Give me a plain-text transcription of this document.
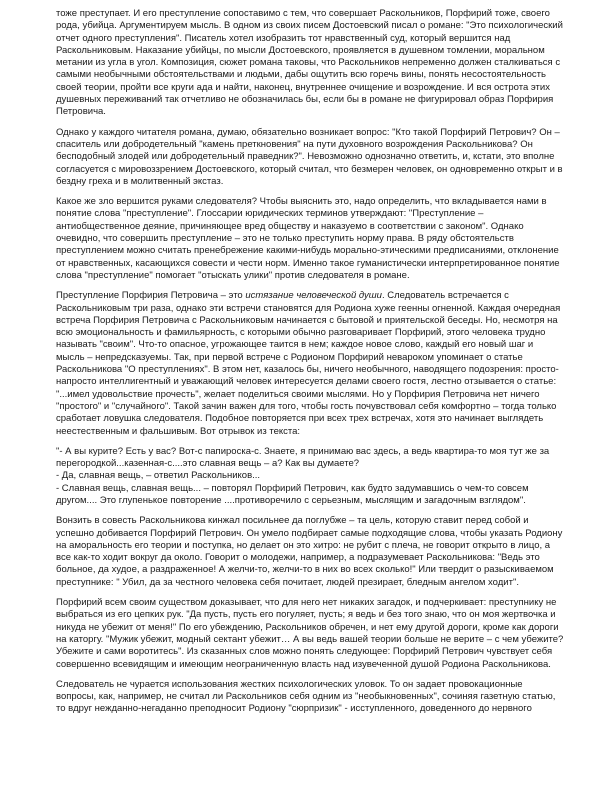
тоже преступает. И его преступление сопоставимо с тем, что совершает Раскольников, Порфирий тоже, своего рода, убийца. Аргументируем мысль. В одном из своих писем Достоевский писал о романе: "Это психологический отчет одного преступления". Писатель хотел изобразить тот нравственный суд, который вершится над Раскольниковым. Наказание убийцы, по мысли Достоевского, проявляется в душевном томлении, моральном метании из угла в угол. Композиция, сюжет романа таковы, что Раскольников непременно должен сталкиваться с самыми необычными обстоятельствами и людьми, дабы ощутить всю горечь вины, понять несостоятельность своей теории, пройти все круги ада и найти, наконец, внутреннее очищение и возрождение. И вся острота этих душевных переживаний так отчетливо не обозначилась бы, если бы в романе не фигурировал образ Порфирия Петровича.

Однако у каждого читателя романа, думаю, обязательно возникает вопрос: "Кто такой Порфирий Петрович? Он – спаситель или добродетельный "камень преткновения" на пути духовного возрождения Раскольникова? Он бесподобный злодей или добродетельный праведник?". Невозможно однозначно ответить, и, кстати, это вполне согласуется с мировоззрением Достоевского, который считал, что безмерен человек, он одновременно открыт и в бездну греха и в молитвенный экстаз.

Какое же зло вершится руками следователя? Чтобы выяснить это, надо определить, что вкладывается нами в понятие слова "преступление". Глоссарии юридических терминов утверждают: "Преступление – антиобщественное деяние, причиняющее вред обществу и наказуемо в соответствии с законом". Однако очевидно, что совершить преступление – это не только преступить норму права. В ряду обстоятельств преступлением можно считать пренебрежение какими-нибудь морально-этическими предписаниями, отклонение от нравственных, касающихся совести и чести норм. Именно такое гуманистически интерпретированное понятие слова "преступление" помогает "отыскать улики" против следователя в романе.

Преступление Порфирия Петровича – это истязание человеческой души. Следователь встречается с Раскольниковым три раза, однако эти встречи становятся для Родиона хуже геенны огненной. Каждая очередная встреча Порфирия Петровича с Раскольниковым начинается с бытовой и приятельской беседы. Но, несмотря на всю эмоциональность и фамильярность, с которыми обычно разговаривает Порфирий, этого человека трудно называть "своим". Что-то опасное, угрожающее таится в нем; каждое новое слово, каждый его новый шаг и мысль – непредсказуемы. Так, при первой встрече с Родионом Порфирий невароком упоминает о статье Раскольникова "О преступлениях". В этом нет, казалось бы, ничего необычного, наводящего подозрения: просто-напросто интеллигентный и уважающий человек интересуется делами своего гостя, лестно отзывается о статье: "...имел удовольствие прочесть", желает поделиться своими мыслями. Но у Порфирия Петровича нет ничего "простого" и "случайного". Такой зачин важен для того, чтобы гость почувствовал себя комфортно – тогда только сработает ловушка следователя. Подобное повторяется при всех трех встречах, хотя это начинает выглядеть неестественным и фальшивым. Вот отрывок из текста:

"- А вы курите? Есть у вас? Вот-с папироска-с. Знаете, я принимаю вас здесь, а ведь квартира-то моя тут же за перегородкой...казенная-с....это славная вещь – а? Как вы думаете?
- Да, славная вещь, – ответил Раскольников...
- Славная вещь, славная вещь... – повторял Порфирий Петрович, как будто задумавшись о чем-то совсем другом.... Это глупенькое повторение ....противоречило с серьезным, мыслящим и загадочным взглядом".

Вонзить в совесть Раскольникова кинжал посильнее да поглубже – та цель, которую ставит перед собой и успешно добивается Порфирий Петрович. Он умело подбирает самые подходящие слова, чтобы указать Родиону на аморальность его теории и поступка, но делает он это хитро: не рубит с плеча, не говорит открыто в лицо, а все как-то ходит вокруг да около. Говорит о молодежи, например, а подразумевает Раскольникова: "Ведь это больное, да худое, а раздраженное! А желчи-то, желчи-то в них во всех сколько!" Или твердит о разыскиваемом преступнике: " Убил, да за честного человека себя почитает, людей презирает, бледным ангелом ходит".

Порфирий всем своим существом доказывает, что для него нет никаких загадок, и подчеркивает: преступнику не выбраться из его цепких рук. "Да пусть, пусть его погуляет, пусть; я ведь и без того знаю, что он моя жертвочка и никуда не убежит от меня!" По его убеждению, Раскольников обречен, и нет ему другой дороги, кроме как дороги на каторгу. "Мужик убежит, модный сектант убежит… А вы ведь вашей теории больше не верите – с чем убежите? Убежите и сами воротитесь". Из сказанных слов можно понять следующее: Порфирий Петрович чувствует себя совершенно всевидящим и имеющим неограниченную власть над изувеченной душой Родиона Раскольникова.

Следователь не чурается использования жестких психологических уловок. То он задает провокационные вопросы, как, например, не считал ли Раскольников себя одним из "необыкновенных", сочиняя газетную статью, то вдруг нежданно-негаданно преподносит Родиону "сюрпризик" - исступленного, доведенного до нервного
